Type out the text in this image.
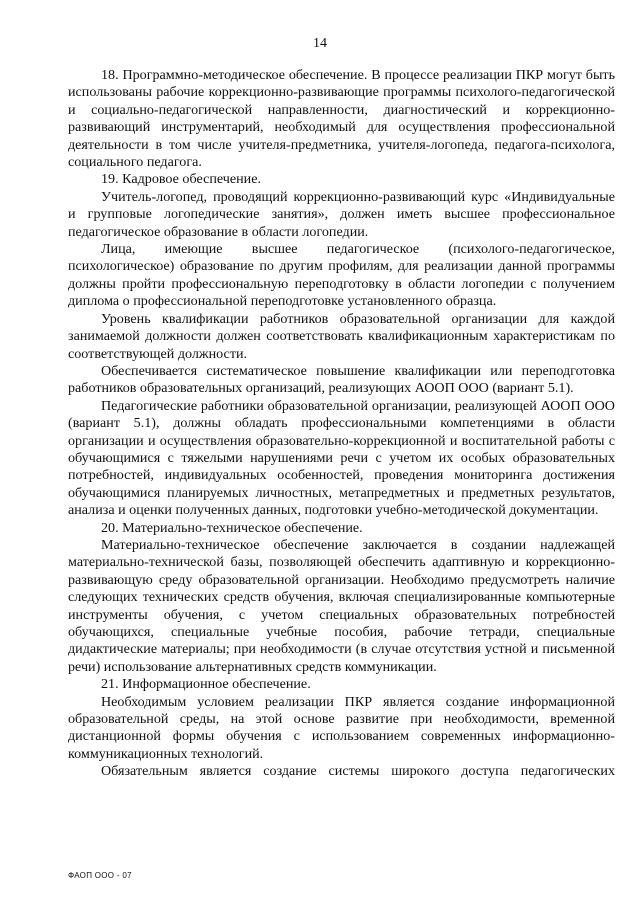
14

18. Программно-методическое обеспечение. В процессе реализации ПКР могут быть использованы рабочие коррекционно-развивающие программы психолого-педагогической и социально-педагогической направленности, диагностический и коррекционно-развивающий инструментарий, необходимый для осуществления профессиональной деятельности в том числе учителя-предметника, учителя-логопеда, педагога-психолога, социального педагога.

19. Кадровое обеспечение.

Учитель-логопед, проводящий коррекционно-развивающий курс «Индивидуальные и групповые логопедические занятия», должен иметь высшее профессиональное педагогическое образование в области логопедии.

Лица, имеющие высшее педагогическое (психолого-педагогическое, психологическое) образование по другим профилям, для реализации данной программы должны пройти профессиональную переподготовку в области логопедии с получением диплома о профессиональной переподготовке установленного образца.

Уровень квалификации работников образовательной организации для каждой занимаемой должности должен соответствовать квалификационным характеристикам по соответствующей должности.

Обеспечивается систематическое повышение квалификации или переподготовка работников образовательных организаций, реализующих АООП ООО (вариант 5.1).

Педагогические работники образовательной организации, реализующей АООП ООО (вариант 5.1), должны обладать профессиональными компетенциями в области организации и осуществления образовательно-коррекционной и воспитательной работы с обучающимися с тяжелыми нарушениями речи с учетом их особых образовательных потребностей, индивидуальных особенностей, проведения мониторинга достижения обучающимися планируемых личностных, метапредметных и предметных результатов, анализа и оценки полученных данных, подготовки учебно-методической документации.

20. Материально-техническое обеспечение.

Материально-техническое обеспечение заключается в создании надлежащей материально-технической базы, позволяющей обеспечить адаптивную и коррекционно-развивающую среду образовательной организации. Необходимо предусмотреть наличие следующих технических средств обучения, включая специализированные компьютерные инструменты обучения, с учетом специальных образовательных потребностей обучающихся, специальные учебные пособия, рабочие тетради, специальные дидактические материалы; при необходимости (в случае отсутствия устной и письменной речи) использование альтернативных средств коммуникации.

21. Информационное обеспечение.

Необходимым условием реализации ПКР является создание информационной образовательной среды, на этой основе развитие при необходимости, временной дистанционной формы обучения с использованием современных информационно-коммуникационных технологий.

Обязательным является создание системы широкого доступа педагогических

ФАОП ООО - 07
